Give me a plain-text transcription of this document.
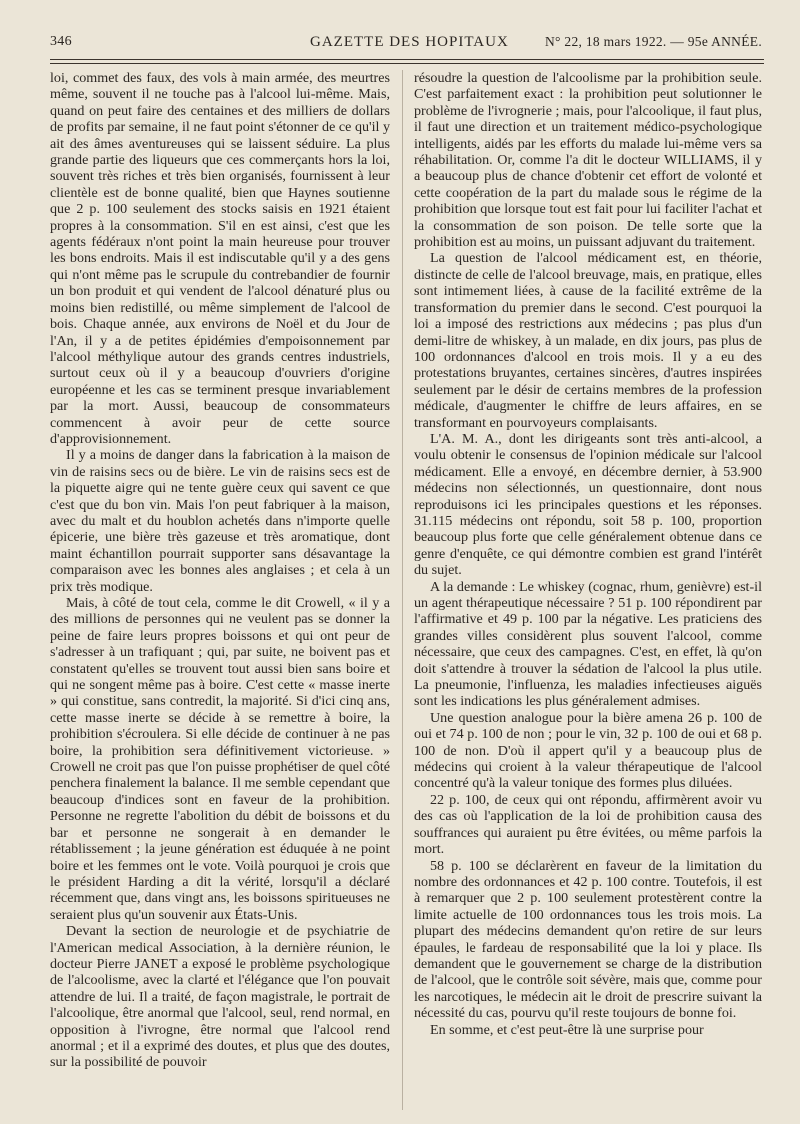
346	GAZETTE DES HOPITAUX	N° 22, 18 mars 1922. — 95e ANNÉE.

loi, commet des faux, des vols à main armée, des meurtres même, souvent il ne touche pas à l'alcool lui-même. Mais, quand on peut faire des centaines et des milliers de dollars de profits par semaine, il ne faut point s'étonner de ce qu'il y ait des âmes aventureuses qui se laissent séduire. La plus grande partie des liqueurs que ces commerçants hors la loi, souvent très riches et très bien organisés, fournissent à leur clientèle est de bonne qualité, bien que Haynes soutienne que 2 p. 100 seulement des stocks saisis en 1921 étaient propres à la consommation. S'il en est ainsi, c'est que les agents fédéraux n'ont point la main heureuse pour trouver les bons endroits. Mais il est indiscutable qu'il y a des gens qui n'ont même pas le scrupule du contrebandier de fournir un bon produit et qui vendent de l'alcool dénaturé plus ou moins bien redistillé, ou même simplement de l'alcool de bois. Chaque année, aux environs de Noël et du Jour de l'An, il y a de petites épidémies d'empoisonnement par l'alcool méthylique autour des grands centres industriels, surtout ceux où il y a beaucoup d'ouvriers d'origine européenne et les cas se terminent presque invariablement par la mort. Aussi, beaucoup de consommateurs commencent à avoir peur de cette source d'approvisionnement.

Il y a moins de danger dans la fabrication à la maison de vin de raisins secs ou de bière. Le vin de raisins secs est de la piquette aigre qui ne tente guère ceux qui savent ce que c'est que du bon vin. Mais l'on peut fabriquer à la maison, avec du malt et du houblon achetés dans n'importe quelle épicerie, une bière très gazeuse et très aromatique, dont maint échantillon pourrait supporter sans désavantage la comparaison avec les bonnes ales anglaises ; et cela à un prix très modique.

Mais, à côté de tout cela, comme le dit Crowell, « il y a des millions de personnes qui ne veulent pas se donner la peine de faire leurs propres boissons et qui ont peur de s'adresser à un trafiquant ; qui, par suite, ne boivent pas et constatent qu'elles se trouvent tout aussi bien sans boire et qui ne songent même pas à boire. C'est cette « masse inerte » qui constitue, sans contredit, la majorité. Si d'ici cinq ans, cette masse inerte se décide à se remettre à boire, la prohibition s'écroulera. Si elle décide de continuer à ne pas boire, la prohibition sera définitivement victorieuse. » Crowell ne croit pas que l'on puisse prophétiser de quel côté penchera finalement la balance. Il me semble cependant que beaucoup d'indices sont en faveur de la prohibition. Personne ne regrette l'abolition du débit de boissons et du bar et personne ne songerait à en demander le rétablissement ; la jeune génération est éduquée à ne point boire et les femmes ont le vote. Voilà pourquoi je crois que le président Harding a dit la vérité, lorsqu'il a déclaré récemment que, dans vingt ans, les boissons spiritueuses ne seraient plus qu'un souvenir aux États-Unis.

Devant la section de neurologie et de psychiatrie de l'American medical Association, à la dernière réunion, le docteur Pierre JANET a exposé le problème psychologique de l'alcoolisme, avec la clarté et l'élégance que l'on pouvait attendre de lui. Il a traité, de façon magistrale, le portrait de l'alcoolique, être anormal que l'alcool, seul, rend normal, en opposition à l'ivrogne, être normal que l'alcool rend anormal ; et il a exprimé des doutes, et plus que des doutes, sur la possibilité de pouvoir

résoudre la question de l'alcoolisme par la prohibition seule. C'est parfaitement exact : la prohibition peut solutionner le problème de l'ivrognerie ; mais, pour l'alcoolique, il faut plus, il faut une direction et un traitement médico-psychologique intelligents, aidés par les efforts du malade lui-même vers sa réhabilitation. Or, comme l'a dit le docteur WILLIAMS, il y a beaucoup plus de chance d'obtenir cet effort de volonté et cette coopération de la part du malade sous le régime de la prohibition que lorsque tout est fait pour lui faciliter l'achat et la consommation de son poison. De telle sorte que la prohibition est au moins, un puissant adjuvant du traitement.

La question de l'alcool médicament est, en théorie, distincte de celle de l'alcool breuvage, mais, en pratique, elles sont intimement liées, à cause de la facilité extrême de la transformation du premier dans le second. C'est pourquoi la loi a imposé des restrictions aux médecins ; pas plus d'un demi-litre de whiskey, à un malade, en dix jours, pas plus de 100 ordonnances d'alcool en trois mois. Il y a eu des protestations bruyantes, certaines sincères, d'autres inspirées seulement par le désir de certains membres de la profession médicale, d'augmenter le chiffre de leurs affaires, en se transformant en pourvoyeurs complaisants.

L'A. M. A., dont les dirigeants sont très anti-alcool, a voulu obtenir le consensus de l'opinion médicale sur l'alcool médicament. Elle a envoyé, en décembre dernier, à 53.900 médecins non sélectionnés, un questionnaire, dont nous reproduisons ici les principales questions et les réponses. 31.115 médecins ont répondu, soit 58 p. 100, proportion beaucoup plus forte que celle généralement obtenue dans ce genre d'enquête, ce qui démontre combien est grand l'intérêt du sujet.

A la demande : Le whiskey (cognac, rhum, genièvre) est-il un agent thérapeutique nécessaire ? 51 p. 100 répondirent par l'affirmative et 49 p. 100 par la négative. Les praticiens des grandes villes considèrent plus souvent l'alcool, comme nécessaire, que ceux des campagnes. C'est, en effet, là qu'on doit s'attendre à trouver la sédation de l'alcool la plus utile. La pneumonie, l'influenza, les maladies infectieuses aiguës sont les indications les plus généralement admises.

Une question analogue pour la bière amena 26 p. 100 de oui et 74 p. 100 de non ; pour le vin, 32 p. 100 de oui et 68 p. 100 de non. D'où il appert qu'il y a beaucoup plus de médecins qui croient à la valeur thérapeutique de l'alcool concentré qu'à la valeur tonique des formes plus diluées.

22 p. 100, de ceux qui ont répondu, affirmèrent avoir vu des cas où l'application de la loi de prohibition causa des souffrances qui auraient pu être évitées, ou même parfois la mort.

58 p. 100 se déclarèrent en faveur de la limitation du nombre des ordonnances et 42 p. 100 contre. Toutefois, il est à remarquer que 2 p. 100 seulement protestèrent contre la limite actuelle de 100 ordonnances tous les trois mois. La plupart des médecins demandent qu'on retire de sur leurs épaules, le fardeau de responsabilité que la loi y place. Ils demandent que le gouvernement se charge de la distribution de l'alcool, que le contrôle soit sévère, mais que, comme pour les narcotiques, le médecin ait le droit de prescrire suivant la nécessité du cas, pourvu qu'il reste toujours de bonne foi.

En somme, et c'est peut-être là une surprise pour
